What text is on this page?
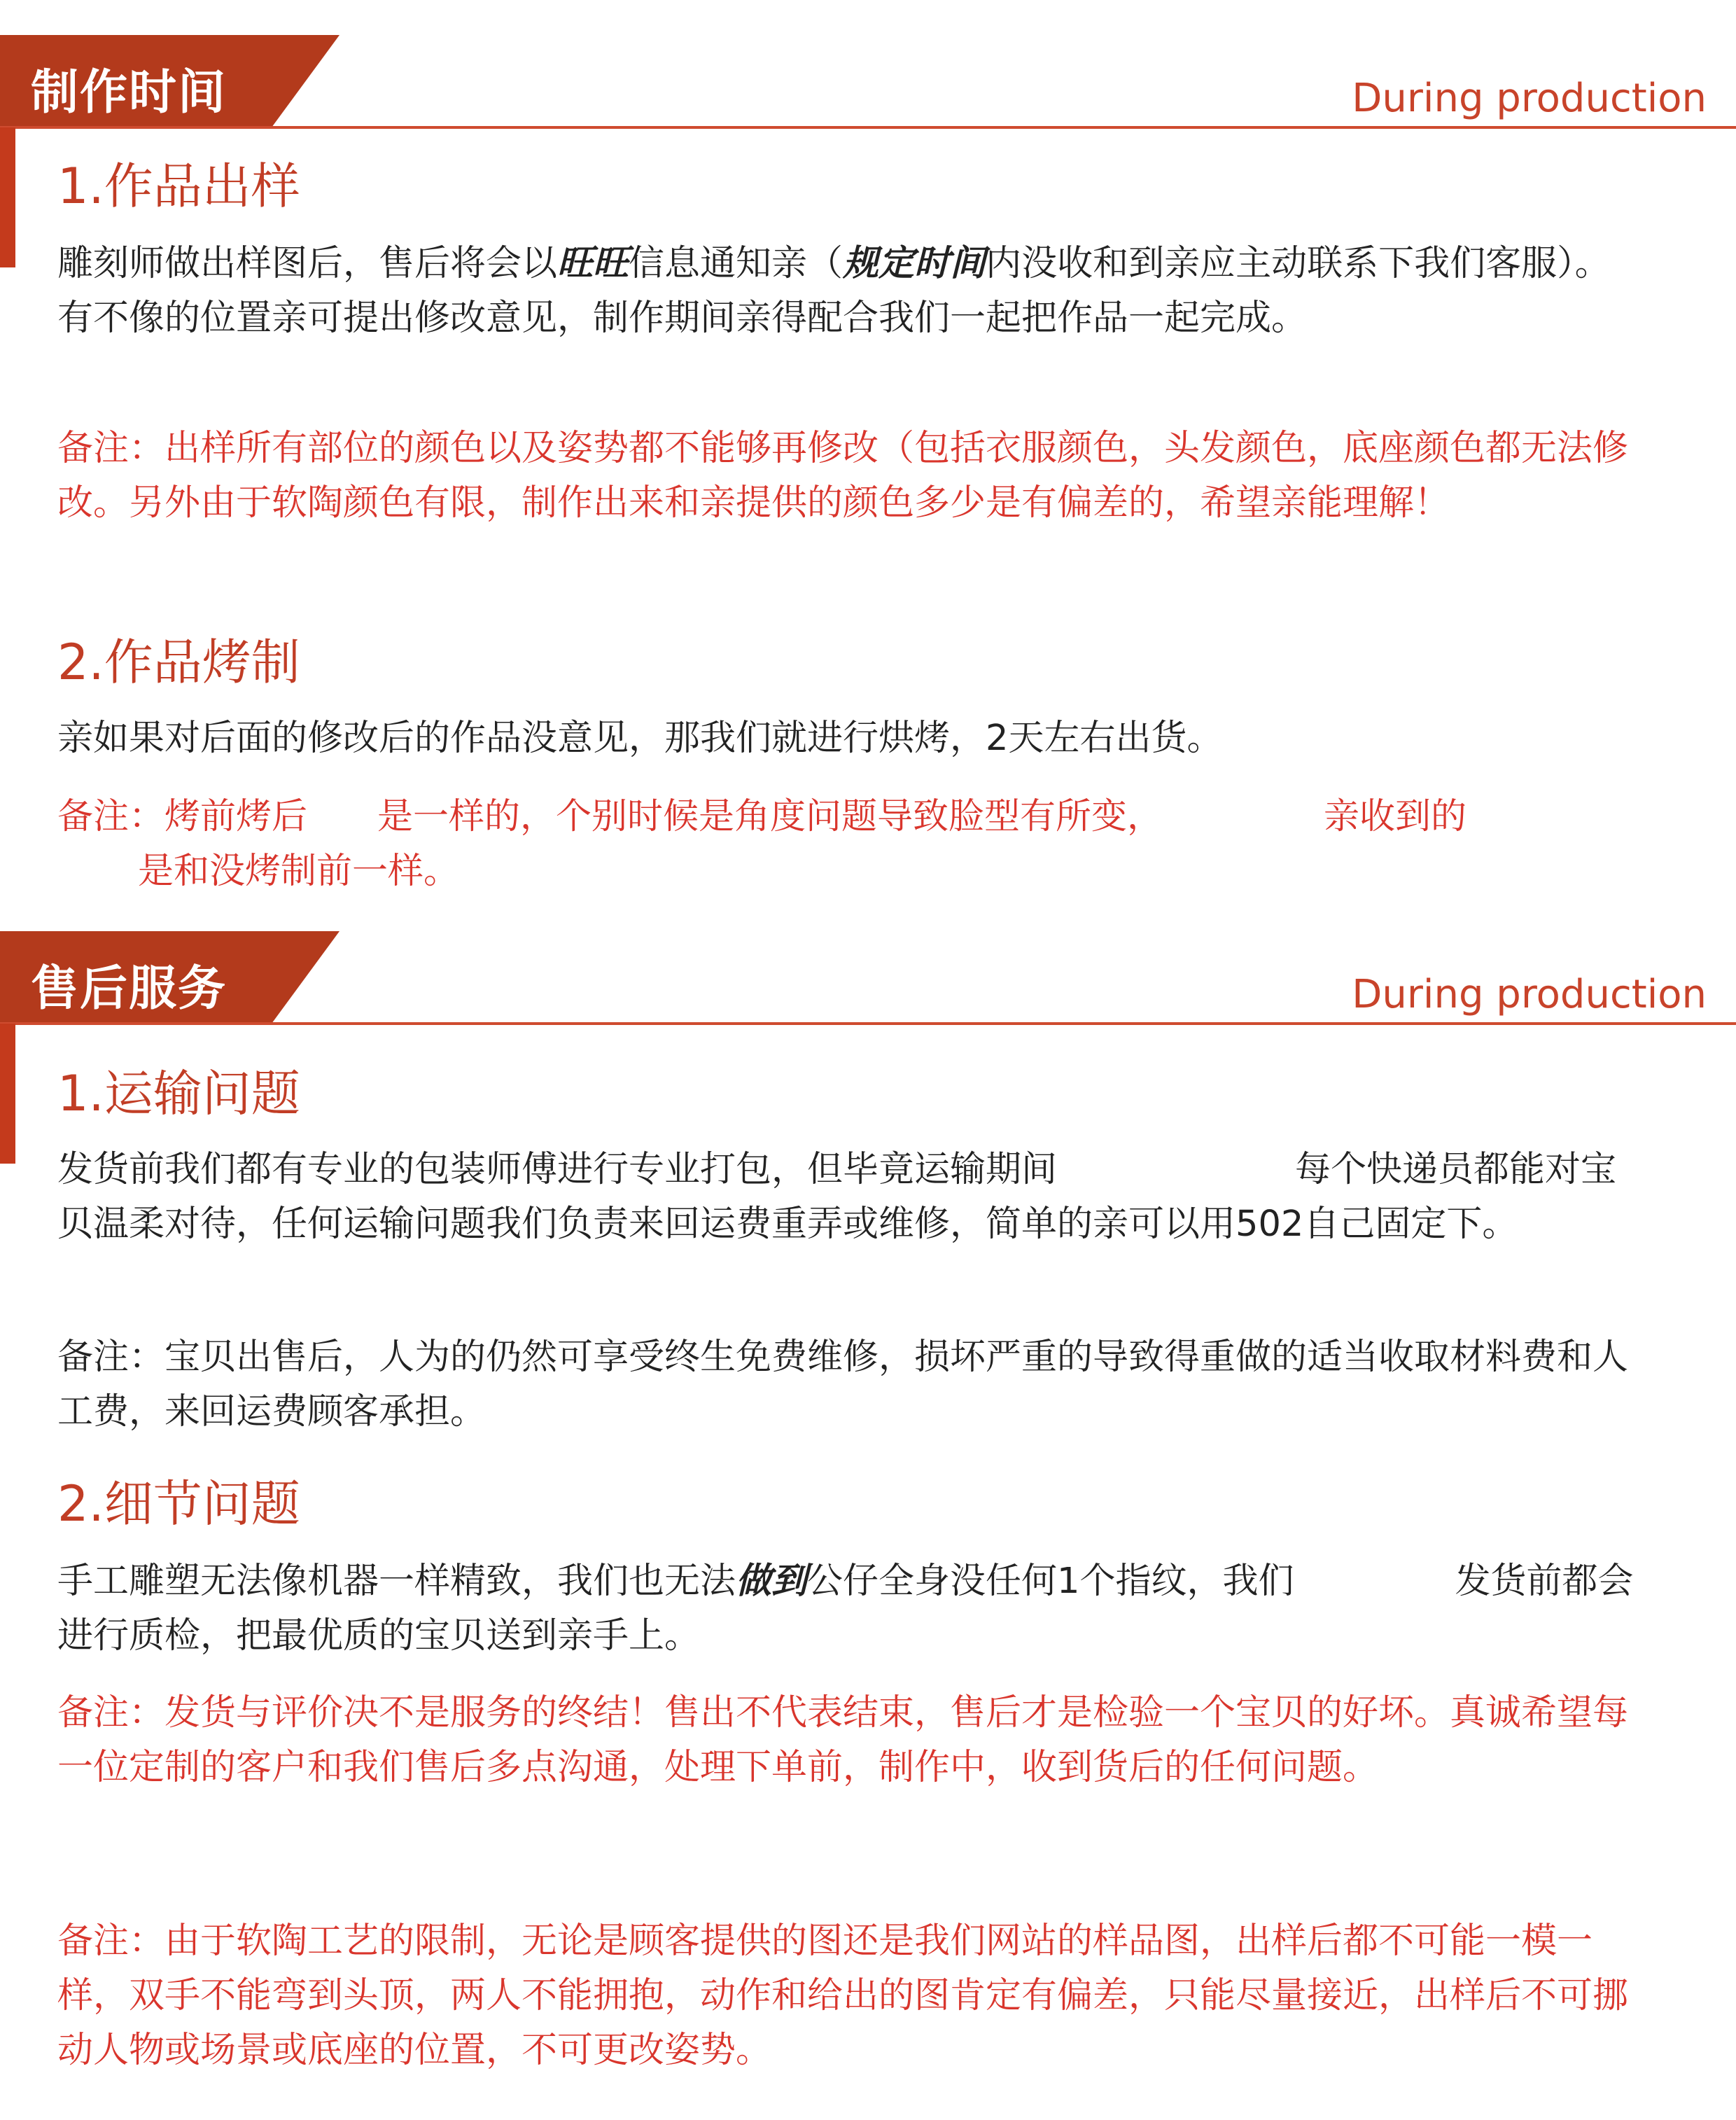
制作时间	During production
1.作品出样
雕刻师做出样图后，售后将会以旺旺信息通知亲（规定时间内没收和到亲应主动联系下我们客服）。有不像的位置亲可提出修改意见，制作期间亲得配合我们一起把作品一起完成。
备注：出样所有部位的颜色以及姿势都不能够再修改（包括衣服颜色，头发颜色，底座颜色都无法修改。另外由于软陶颜色有限，制作出来和亲提供的颜色多少是有偏差的，希望亲能理解！
2.作品烤制
亲如果对后面的修改后的作品没意见，那我们就进行烘烤，2天左右出货。
备注：烤前烤后 是一样的，个别时候是角度问题导致脸型有所变，	亲收到的
是和没烤制前一样。
售后服务	During production
1.运输问题
发货前我们都有专业的包装师傅进行专业打包，但毕竟运输期间	每个快递员都能对宝贝温柔对待，任何运输问题我们负责来回运费重弄或维修，简单的亲可以用502自己固定下。
备注：宝贝出售后，人为的仍然可享受终生免费维修，损坏严重的导致得重做的适当收取材料费和人工费，来回运费顾客承担。
2.细节问题
手工雕塑无法像机器一样精致，我们也无法做到公仔全身没任何1个指纹，我们	发货前都会进行质检，把最优质的宝贝送到亲手上。
备注：发货与评价决不是服务的终结！售出不代表结束，售后才是检验一个宝贝的好坏。真诚希望每一位定制的客户和我们售后多点沟通，处理下单前，制作中，收到货后的任何问题。
备注：由于软陶工艺的限制，无论是顾客提供的图还是我们网站的样品图，出样后都不可能一模一样，双手不能弯到头顶，两人不能拥抱，动作和给出的图肯定有偏差，只能尽量接近，出样后不可挪动人物或场景或底座的位置，不可更改姿势。
